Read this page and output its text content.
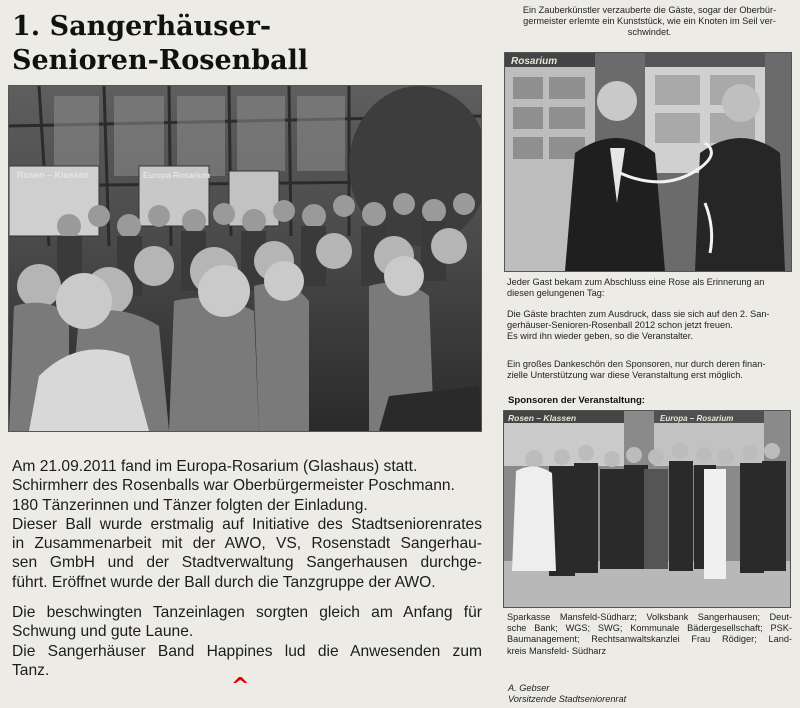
1. Sangerhäuser-
Senioren-Rosenball
Rosen – Klassen	Europa-Rosarium

Am 21.09.2011 fand im Europa-Rosarium (Glashaus) statt.

Schirmherr des Rosenballs war Oberbürgermeister Poschmann.

180 Tänzerinnen und Tänzer folgten der Einladung.

Dieser Ball wurde erstmalig auf Initiative des Stadtseniorenrates

in Zusammenarbeit mit der AWO, VS, Rosenstadt Sangerhau-

sen GmbH und der Stadtverwaltung Sangerhausen durchge-

führt. Eröffnet wurde der Ball durch die Tanzgruppe der AWO.

Die beschwingten Tanzeinlagen sorgten gleich am Anfang für

Schwung und gute Laune.

Die Sangerhäuser Band Happines lud die Anwesenden zum

Tanz.

^

Ein Zauberkünstler verzauberte die Gäste, sogar der Oberbür-

germeister erlemte ein Kunststück, wie ein Knoten im Seil ver-

schwindet.

Rosarium

Jeder Gast bekam zum Abschluss eine Rose als Erinnerung an

diesen gelungenen Tag:

Die Gäste brachten zum Ausdruck, dass sie sich auf den 2. San-

gerhäuser-Senioren-Rosenball 2012 schon jetzt freuen.

Es wird ihn wieder geben, so die Veranstalter.

Ein großes Dankeschön den Sponsoren, nur durch deren finan-

zielle Unterstützung war diese Veranstaltung erst möglich.

Sponsoren der Veranstaltung:
Rosen – Klassen	Europa – Rosarium

Sparkasse Mansfeld-Südharz; Volksbank Sangerhausen; Deut-

sche Bank; WGS; SWG; Kommunale Bädergesellschaft; PSK-

Baumanagement; Rechtsanwaltskanzlei Frau Rödiger; Land-

kreis Mansfeld- Südharz

A. Gebser
Vorsitzende Stadtseniorenrat
